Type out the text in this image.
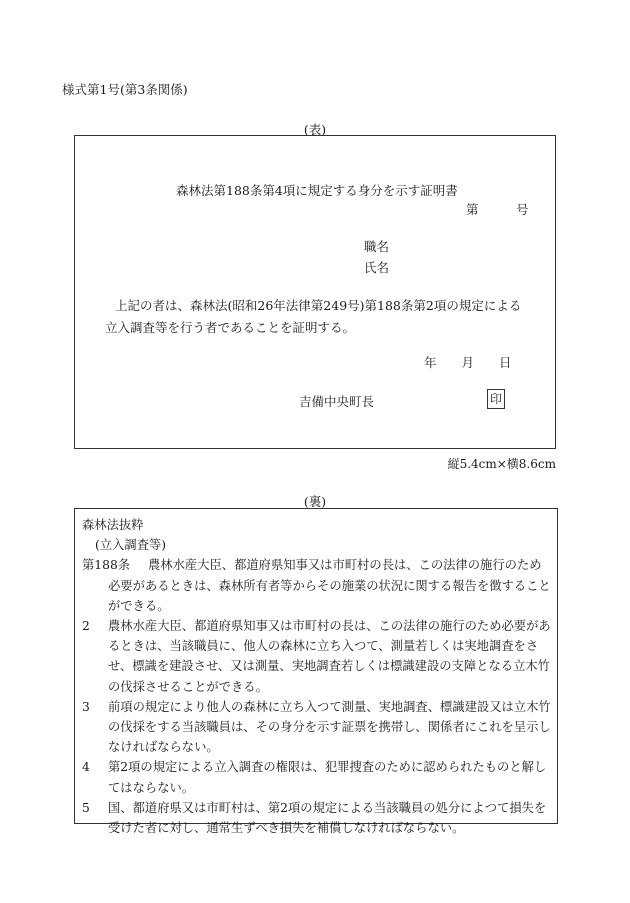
様式第1号(第3条関係)
(表)
森林法第188条第4項に規定する身分を示す証明書
第　　　号
職名
氏名
上記の者は、森林法(昭和26年法律第249号)第188条第2項の規定による
立入調査等を行う者であることを証明する。
年　　月　　日
吉備中央町長	印
縦5.4cm×横8.6cm
(裏)
森林法抜粋
(立入調査等)
第188条 農林水産大臣、都道府県知事又は市町村の長は、この法律の施行のため必要があるときは、森林所有者等からその施業の状況に関する報告を徴することができる。
2 農林水産大臣、都道府県知事又は市町村の長は、この法律の施行のため必要があるときは、当該職員に、他人の森林に立ち入つて、測量若しくは実地調査をさせ、標識を建設させ、又は測量、実地調査若しくは標識建設の支障となる立木竹の伐採させることができる。
3 前項の規定により他人の森林に立ち入つて測量、実地調査、標識建設又は立木竹の伐採をする当該職員は、その身分を示す証票を携帯し、関係者にこれを呈示しなければならない。
4 第2項の規定による立入調査の権限は、犯罪捜査のために認められたものと解してはならない。
5 国、都道府県又は市町村は、第2項の規定による当該職員の処分によつて損失を受けた者に対し、通常生ずべき損失を補償しなければならない。
